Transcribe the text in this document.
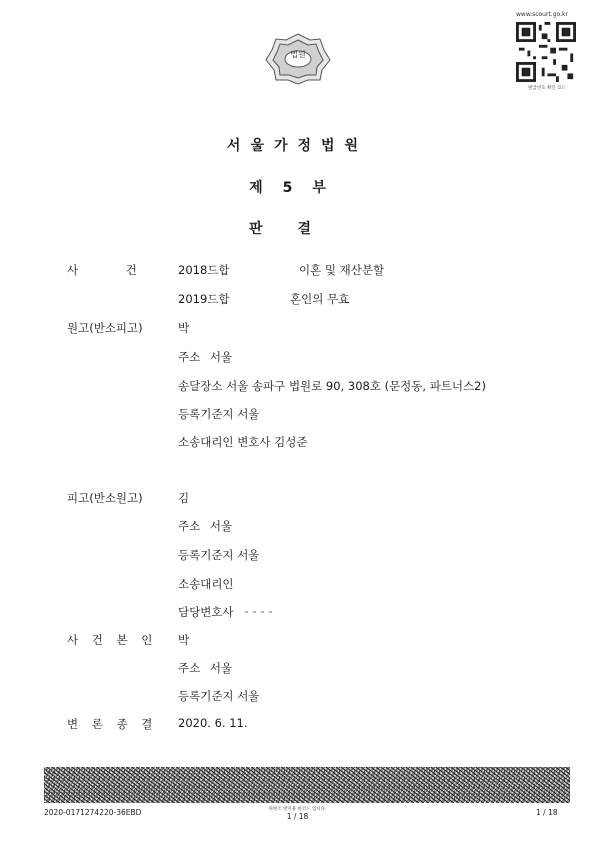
법원
www.scourt.go.kr
발급번호 확인 코드
서울가정법원
제5부
판결
사 건 2018드합	이혼 및 재산분할
2019드합	혼인의 무효
원고(반소피고)	박
주소 서울
송달장소 서울 송파구 법원로 90, 308호 (문정동, 파트너스2)
등록기준지 서울
소송대리인 변호사 김성준
피고(반소원고)	김
주소 서울
등록기준지 서울
소송대리인
담당변호사
사 건 본 인 박
주소 서울
등록기준지 서울
변 론 종 결 2020. 6. 11.
2020-0171274220-36EBD	위변조 방지용 바코드 입니다.
1 / 18	1 / 18
